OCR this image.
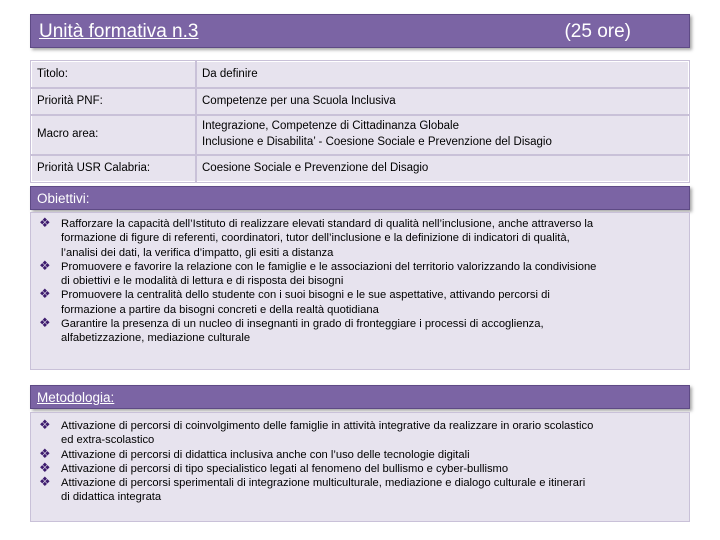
Unità formativa n.3	(25 ore)
Titolo:	Da definire

Priorità PNF:	Competenze per una Scuola Inclusiva

Macro area:	Integrazione, Competenze di Cittadinanza Globale
Inclusione e Disabilita’ - Coesione Sociale e Prevenzione del Disagio

Priorità USR Calabria:	Coesione Sociale e Prevenzione del Disagio
Obiettivi:
❖ Rafforzare la capacità dell’Istituto di realizzare elevati standard di qualità nell’inclusione, anche attraverso la
formazione di figure di referenti, coordinatori, tutor dell’inclusione e la definizione di indicatori di qualità,
l’analisi dei dati, la verifica d’impatto, gli esiti a distanza
❖ Promuovere e favorire la relazione con le famiglie e le associazioni del territorio valorizzando la condivisione
di obiettivi e le modalità di lettura e di risposta dei bisogni
❖ Promuovere la centralità dello studente con i suoi bisogni e le sue aspettative, attivando percorsi di
formazione a partire da bisogni concreti e della realtà quotidiana
❖ Garantire la presenza di un nucleo di insegnanti in grado di fronteggiare i processi di accoglienza,
alfabetizzazione, mediazione culturale
Metodologia:
❖ Attivazione di percorsi di coinvolgimento delle famiglie in attività integrative da realizzare in orario scolastico
ed extra-scolastico
❖ Attivazione di percorsi di didattica inclusiva anche con l’uso delle tecnologie digitali
❖ Attivazione di percorsi di tipo specialistico legati al fenomeno del bullismo e cyber-bullismo
❖ Attivazione di percorsi sperimentali di integrazione multiculturale, mediazione e dialogo culturale e itinerari
di didattica integrata
